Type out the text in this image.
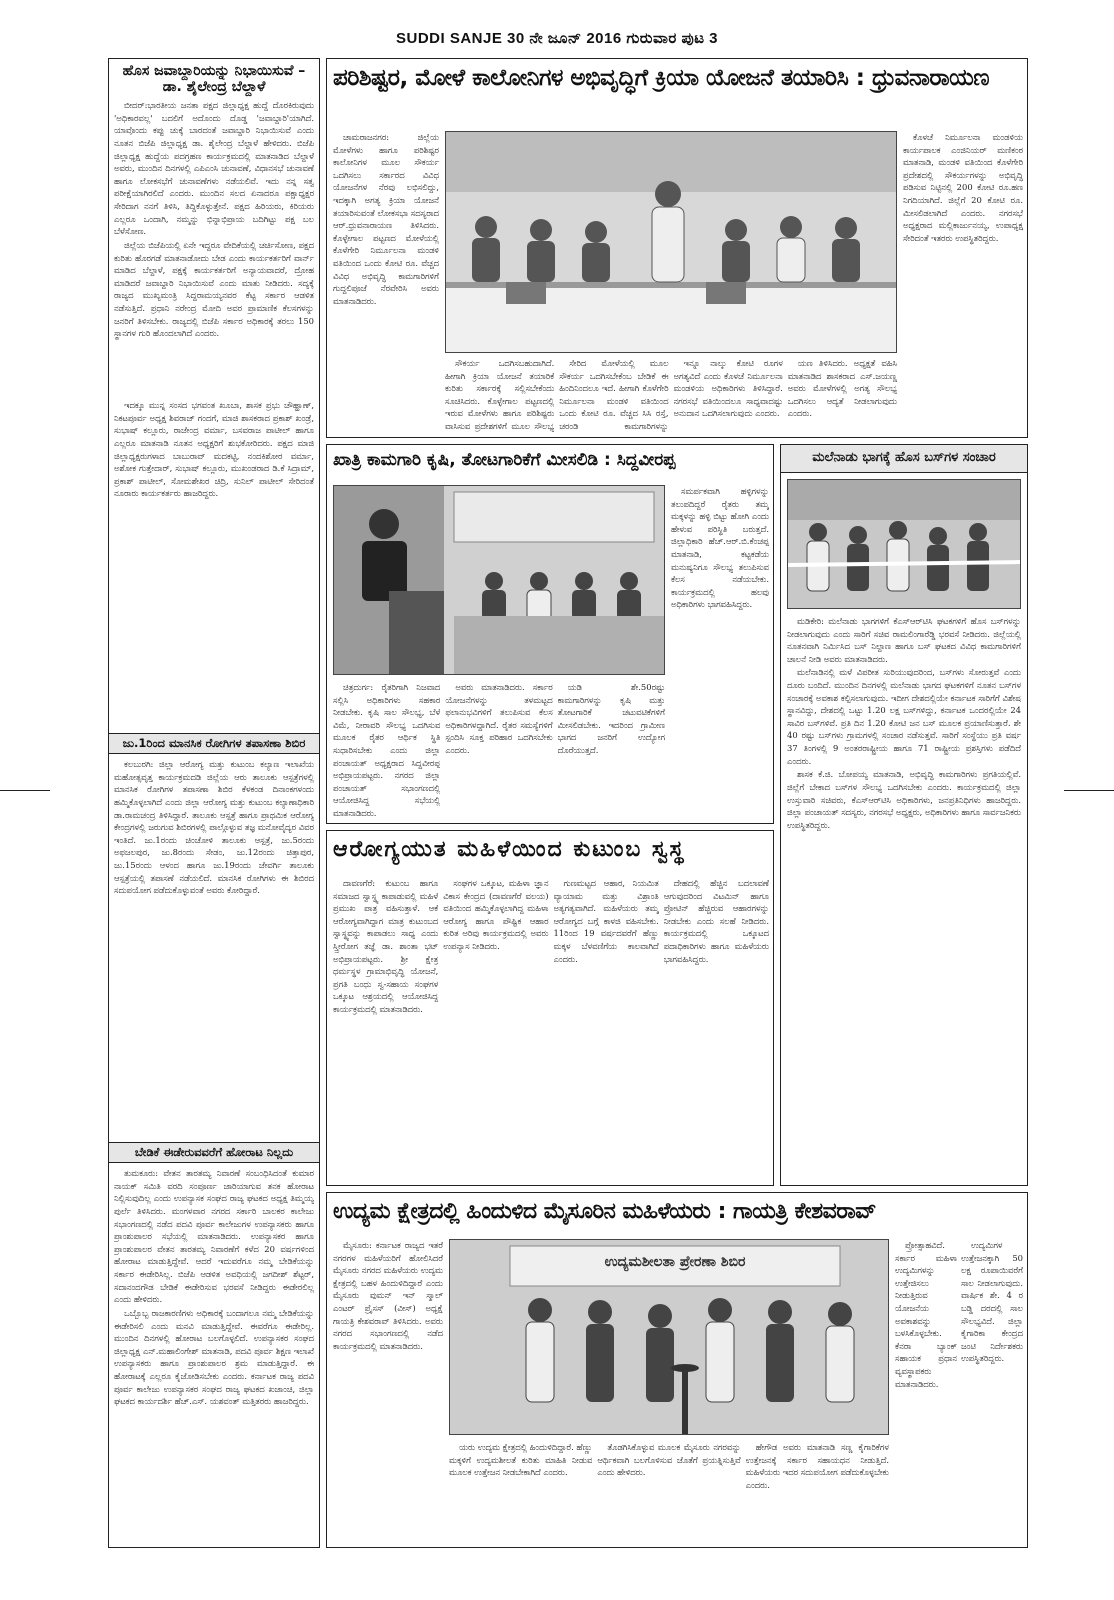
SUDDI SANJE 30 ನೇ ಜೂನ್ 2016 ಗುರುವಾರ ಪುಟ 3
ಹೊಸ ಜವಾಬ್ದಾರಿಯನ್ನು ನಿಭಾಯಿಸುವೆ –ಡಾ. ಶೈಲೇಂದ್ರ ಬೆಲ್ದಾಳೆ

ಬೀದರ್:ಭಾರತೀಯ ಜನತಾ ಪಕ್ಷದ ಜಿಲ್ಲಾಧ್ಯಕ್ಷ ಹುದ್ದೆ ದೊರಕಿರುವುದು 'ಅಧಿಕಾರವಲ್ಲ' ಬದಲಿಗೆ ಅದೊಂದು ದೊಡ್ಡ 'ಜವಾಬ್ದಾರಿ'ಯಾಗಿದೆ. ಯಾವೊಂದು ಕಪ್ಪು ಚುಕ್ಕೆ ಬಾರದಂತೆ ಜವಾಬ್ದಾರಿ ನಿಭಾಯಿಸುವೆ ಎಂದು ನೂತನ ಬಿಜೆಪಿ ಜಿಲ್ಲಾಧ್ಯಕ್ಷ ಡಾ. ಶೈಲೇಂದ್ರ ಬೆಲ್ದಾಳೆ ಹೇಳಿದರು. ಬಿಜೆಪಿ ಜಿಲ್ಲಾಧ್ಯಕ್ಷ ಹುದ್ದೆಯ ಪದಗ್ರಹಣ ಕಾರ್ಯಕ್ರಮದಲ್ಲಿ ಮಾತನಾಡಿದ ಬೆಲ್ದಾಳೆ ಅವರು, ಮುಂದಿನ ದಿನಗಳಲ್ಲಿ ಎಪಿಎಂಸಿ ಚುನಾವಣೆ, ವಿಧಾನಸಭೆ ಚುನಾವಣೆ ಹಾಗೂ ಲೋಕಸಭೆಗೆ ಚುನಾವಣೆಗಳು ನಡೆಯಲಿವೆ. ಇದು ನನ್ನ ಸತ್ವ ಪರೀಕ್ಷೆಯಾಗಿರಲಿದೆ ಎಂದರು. ಮುಂದಿನ ಸಲದ ಏನಾದರೂ ಪಕ್ಷಾಧ್ಯಕ್ಷರ ಸೇರಿದಾಗ ನನಗೆ ತಿಳಿಸಿ, ತಿದ್ದಿಕೊಳ್ಳುತ್ತೇನೆ. ಪಕ್ಷದ ಹಿರಿಯರು, ಕಿರಿಯರು ಎಲ್ಲರೂ ಒಂದಾಗಿ, ನಮ್ಮನ್ನು ಭಿನ್ನಾಭಿಪ್ರಾಯ ಬದಿಗಿಟ್ಟು ಪಕ್ಷ ಬಲ ಬೆಳೆಸೋಣ.

ಜಿಲ್ಲೆಯ ಬಿಜೆಪಿಯಲ್ಲಿ ಏನೇ ಇದ್ದರೂ ವೇದಿಕೆಯಲ್ಲಿ ಚರ್ಚಿಸೋಣ, ಪಕ್ಷದ ಕುರಿತು ಹೊರಗಡೆ ಮಾತನಾಡೋದು ಬೇಡ ಎಂದು ಕಾರ್ಯಕರ್ತರಿಗೆ ವಾರ್ನ್ ಮಾಡಿದ ಬೆಲ್ದಾಳೆ, ಪಕ್ಷಕ್ಕೆ ಕಾರ್ಯಕರ್ತರಿಗೆ ಅನ್ಯಾಯವಾದರೆ, ದ್ರೋಹ ಮಾಡಿದರೆ ಜವಾಬ್ದಾರಿ ನಿಭಾಯಿಸುವೆ ಎಂದು ಮಾತು ನೀಡಿದರು. ಸದ್ಯಕ್ಕೆ ರಾಜ್ಯದ ಮುಖ್ಯಮಂತ್ರಿ ಸಿದ್ದರಾಮಯ್ಯನವರ ಕೆಟ್ಟ ಸರ್ಕಾರ ಆಡಳಿತ ನಡೆಸುತ್ತಿದೆ. ಪ್ರಧಾನಿ ನರೇಂದ್ರ ಮೋದಿ ಅವರ ಪ್ರಾಮಾಣಿಕ ಕೆಲಸಗಳನ್ನು ಜನರಿಗೆ ತಿಳಿಸಬೇಕು. ರಾಜ್ಯದಲ್ಲಿ ಬಿಜೆಪಿ ಸರ್ಕಾರ ಅಧಿಕಾರಕ್ಕೆ ತರಲು 150 ಸ್ಥಾನಗಳ ಗುರಿ ಹೊಂದಲಾಗಿದೆ ಎಂದರು.

ಇದಕ್ಕೂ ಮುನ್ನ ಸಂಸದ ಭಗವಂತ ಖೂಬಾ, ಶಾಸಕ ಪ್ರಭು ಚೌಹ್ಹಾಣ್, ನಿಕಟಪೂರ್ವ ಅಧ್ಯಕ್ಷ ಶಿವರಾಜ್ ಗಂದಗೆ, ಮಾಜಿ ಶಾಸಕರಾದ ಪ್ರಕಾಶ್ ಖಂಡ್ರೆ, ಸುಭಾಷ್ ಕಲ್ಲೂರು, ರಾಜೇಂದ್ರ ವರ್ಮಾ, ಬಸವರಾಜ ಪಾಟೀಲ್ ಹಾಗೂ ಎಲ್ಲರೂ ಮಾತನಾಡಿ ನೂತನ ಅಧ್ಯಕ್ಷರಿಗೆ ಶುಭಕೋರಿದರು. ಪಕ್ಷದ ಮಾಜಿ ಜಿಲ್ಲಾಧ್ಯಕ್ಷರುಗಳಾದ ಬಾಬುರಾವ್ ಮದಕಟ್ಟಿ, ನಂದಕಿಶೋರ ವರ್ಮಾ, ಅಶೋಕ ಗುತ್ತೇದಾರ್, ಸುಭಾಷ್ ಕಲ್ಲೂರು, ಮುಖಂಡರಾದ ಡಿ.ಕೆ ಸಿದ್ರಾಮ್, ಪ್ರಕಾಶ್ ಪಾಟೀಲ್, ಸೋಮಶೇಖರ ಚಿದ್ರಿ, ಸುನಿಲ್ ಪಾಟೀಲ್ ಸೇರಿದಂತೆ ನೂರಾರು ಕಾರ್ಯಕರ್ತರು ಹಾಜರಿದ್ದರು.

ಜು.1ರಿಂದ ಮಾನಸಿಕ ರೋಗಿಗಳ ತಪಾಸಣಾ ಶಿಬಿರ

ಕಲಬುರಗಿ: ಜಿಲ್ಲಾ ಆರೋಗ್ಯ ಮತ್ತು ಕುಟುಂಬ ಕಲ್ಯಾಣ ಇಲಾಖೆಯ ಮಹೋತ್ಸವೃತ್ತ ಕಾರ್ಯಕ್ರಮದಡಿ ಜಿಲ್ಲೆಯ ಆರು ತಾಲೂಕು ಆಸ್ಪತ್ರೆಗಳಲ್ಲಿ ಮಾನಸಿಕ ರೋಗಿಗಳ ತಪಾಸಣಾ ಶಿಬಿರ ಕೆಳಕಂಡ ದಿನಾಂಕಗಳಂದು ಹಮ್ಮಿಕೊಳ್ಳಲಾಗಿದೆ ಎಂದು ಜಿಲ್ಲಾ ಆರೋಗ್ಯ ಮತ್ತು ಕುಟುಂಬ ಕಲ್ಯಾಣಾಧಿಕಾರಿ ಡಾ.ರಾಮಚಂದ್ರ ತಿಳಿಸಿದ್ದಾರೆ. ತಾಲೂಕು ಆಸ್ಪತ್ರೆ ಹಾಗೂ ಪ್ರಾಥಮಿಕ ಆರೋಗ್ಯ ಕೇಂದ್ರಗಳಲ್ಲಿ ಜರುಗುವ ಶಿಬಿರಗಳಲ್ಲಿ ಪಾಲ್ಗೊಳ್ಳುವ ತಜ್ಞ ಮನೋವೈದ್ಯರ ವಿವರ ಇಂತಿದೆ. ಜು.1ರಂದು ಚಿಂಚೋಳಿ ತಾಲೂಕು ಆಸ್ಪತ್ರೆ, ಜು.5ರಂದು ಅಫಜಲಪುರ, ಜು.8ರಂದು ಸೇಡಂ, ಜು.12ರಂದು ಚಿತ್ತಾಪುರ, ಜು.15ರಂದು ಆಳಂದ ಹಾಗೂ ಜು.19ರಂದು ಜೇವರ್ಗಿ ತಾಲೂಕು ಆಸ್ಪತ್ರೆಯಲ್ಲಿ ತಪಾಸಣೆ ನಡೆಯಲಿದೆ. ಮಾನಸಿಕ ರೋಗಿಗಳು ಈ ಶಿಬಿರದ ಸದುಪಯೋಗ ಪಡೆದುಕೊಳ್ಳುವಂತೆ ಅವರು ಕೋರಿದ್ದಾರೆ.

ಬೇಡಿಕೆ ಈಡೇರುವವರೆಗೆ ಹೋರಾಟ ನಿಲ್ಲದು

ತುಮಕೂರು: ವೇತನ ತಾರತಮ್ಯ ನಿವಾರಣೆ ಸಂಬಂಧಿಸಿದಂತೆ ಕುಮಾರ ನಾಯಕ್ ಸಮಿತಿ ವರದಿ ಸಂಪೂರ್ಣ ಜಾರಿಯಾಗುವ ತನಕ ಹೋರಾಟ ನಿಲ್ಲಿಸುವುದಿಲ್ಲ ಎಂದು ಉಪನ್ಯಾಸಕ ಸಂಘದ ರಾಜ್ಯ ಘಟಕದ ಅಧ್ಯಕ್ಷ ತಿಮ್ಮಯ್ಯ ಪುರ್ಲೆ ತಿಳಿಸಿದರು. ಮಂಗಳವಾರ ನಗರದ ಸರ್ಕಾರಿ ಬಾಲಕರ ಕಾಲೇಜು ಸಭಾಂಗಣದಲ್ಲಿ ನಡೆದ ಪದವಿ ಪೂರ್ವ ಕಾಲೇಜುಗಳ ಉಪನ್ಯಾಸಕರು ಹಾಗೂ ಪ್ರಾಂಶುಪಾಲರ ಸಭೆಯಲ್ಲಿ ಮಾತನಾಡಿದರು. ಉಪನ್ಯಾಸಕರ ಹಾಗೂ ಪ್ರಾಂಶುಪಾಲರ ವೇತನ ತಾರತಮ್ಯ ನಿವಾರಣೆಗೆ ಕಳೆದ 20 ವರ್ಷಗಳಿಂದ ಹೋರಾಟ ಮಾಡುತ್ತಿದ್ದೇವೆ. ಆದರೆ ಇದುವರೆಗೂ ನಮ್ಮ ಬೇಡಿಕೆಯನ್ನು ಸರ್ಕಾರ ಈಡೇರಿಸಿಲ್ಲ. ಬಿಜೆಪಿ ಆಡಳಿತ ಅವಧಿಯಲ್ಲಿ ಜಗದೀಶ್ ಶೆಟ್ಟರ್, ಸದಾನಂದಗೌಡ ಬೇಡಿಕೆ ಈಡೇರಿಸುವ ಭರವಸೆ ನೀಡಿದ್ದರು ಈಡೇರಲಿಲ್ಲ ಎಂದು ಹೇಳಿದರು.

ಒಬ್ಬೊಬ್ಬ ರಾಜಕಾರಣಿಗಳು ಅಧಿಕಾರಕ್ಕೆ ಬಂದಾಗಲೂ ನಮ್ಮ ಬೇಡಿಕೆಯನ್ನು ಈಡೇರಿಸಲಿ ಎಂದು ಮನವಿ ಮಾಡುತ್ತಿದ್ದೇವೆ. ಈವರೆಗೂ ಈಡೇರಿಲ್ಲ. ಮುಂದಿನ ದಿನಗಳಲ್ಲಿ ಹೋರಾಟ ಬಲಗೊಳ್ಳಲಿದೆ. ಉಪನ್ಯಾಸಕರ ಸಂಘದ ಜಿಲ್ಲಾಧ್ಯಕ್ಷ ಎನ್.ಮಹಾಲಿಂಗೇಶ್ ಮಾತನಾಡಿ, ಪದವಿ ಪೂರ್ವ ಶಿಕ್ಷಣ ಇಲಾಖೆ ಉಪನ್ಯಾಸಕರು ಹಾಗೂ ಪ್ರಾಂಶುಪಾಲರ ಶ್ರಮ ಮಾಡುತ್ತಿದ್ದಾರೆ. ಈ ಹೋರಾಟಕ್ಕೆ ಎಲ್ಲರೂ ಕೈಜೋಡಿಸಬೇಕು ಎಂದರು. ಕರ್ನಾಟಕ ರಾಜ್ಯ ಪದವಿ ಪೂರ್ವ ಕಾಲೇಜು ಉಪನ್ಯಾಸಕರ ಸಂಘದ ರಾಜ್ಯ ಘಟಕದ ಖಜಾಂಚಿ, ಜಿಲ್ಲಾ ಘಟಕದ ಕಾರ್ಯದರ್ಶಿ ಹೆಚ್.ಎಸ್. ಯಶವಂತ್ ಮತ್ತಿತರರು ಹಾಜರಿದ್ದರು.

ಪರಿಶಿಷ್ಟರ, ಮೋಳೆ ಕಾಲೋನಿಗಳ ಅಭಿವೃದ್ಧಿಗೆ ಕ್ರಿಯಾ ಯೋಜನೆ ತಯಾರಿಸಿ : ಧ್ರುವನಾರಾಯಣ

ಚಾಮರಾಜನಗರ: ಜಿಲ್ಲೆಯ ಮೋಳೆಗಳು ಹಾಗೂ ಪರಿಶಿಷ್ಟರ ಕಾಲೋನಿಗಳ ಮೂಲ ಸೌಕರ್ಯ ಒದಗಿಸಲು ಸರ್ಕಾರದ ವಿವಿಧ ಯೋಜನೆಗಳ ನೆರವು ಲಭಿಸಲಿದ್ದು, ಇದಕ್ಕಾಗಿ ಅಗತ್ಯ ಕ್ರಿಯಾ ಯೋಜನೆ ತಯಾರಿಸುವಂತೆ ಲೋಕಸಭಾ ಸದಸ್ಯರಾದ ಆರ್.ಧ್ರುವನಾರಾಯಣ ತಿಳಿಸಿದರು. ಕೊಳ್ಳೇಗಾಲ ಪಟ್ಟಣದ ಮೋಳೆಯಲ್ಲಿ ಕೊಳೆಗೇರಿ ನಿರ್ಮೂಲನಾ ಮಂಡಳಿ ವತಿಯಿಂದ ಒಂದು ಕೋಟಿ ರೂ. ವೆಚ್ಚದ ವಿವಿಧ ಅಭಿವೃದ್ಧಿ ಕಾಮಗಾರಿಗಳಿಗೆ ಗುದ್ದಲಿಪೂಜೆ ನೆರವೇರಿಸಿ ಅವರು ಮಾತನಾಡಿದರು.

ಕೊಳಚೆ ನಿರ್ಮೂಲನಾ ಮಂಡಳಿಯ ಕಾರ್ಯಪಾಲಕ ಎಂಜಿನಿಯರ್ ಮಣಿಕಂಠ ಮಾತನಾಡಿ, ಮಂಡಳಿ ವತಿಯಿಂದ ಕೊಳೆಗೇರಿ ಪ್ರದೇಶದಲ್ಲಿ ಸೌಕರ್ಯಗಳನ್ನು ಅಭಿವೃದ್ಧಿ ಪಡಿಸುವ ನಿಟ್ಟಿನಲ್ಲಿ 200 ಕೋಟಿ ರೂ.ಹಣ ನಿಗದಿಯಾಗಿದೆ. ಜಿಲ್ಲೆಗೆ 20 ಕೋಟಿ ರೂ. ಮೀಸಲಿಡಲಾಗಿದೆ ಎಂದರು. ನಗರಸಭೆ ಅಧ್ಯಕ್ಷರಾದ ಮಲ್ಲಿಕಾರ್ಜುನಯ್ಯ, ಉಪಾಧ್ಯಕ್ಷ ಸೇರಿದಂತೆ ಇತರರು ಉಪಸ್ಥಿತರಿದ್ದರು.

ಸೌಕರ್ಯ ಒದಗಿಸಬಹುದಾಗಿದೆ. ಹೀಗಾಗಿ ಕ್ರಿಯಾ ಯೋಜನೆ ತಯಾರಿಕೆ ಕುರಿತು ಸರ್ಕಾರಕ್ಕೆ ಸಲ್ಲಿಸಬೇಕೆಂದು ಸೂಚಿಸಿದರು. ಕೊಳ್ಳೇಗಾಲ ಪಟ್ಟಣದಲ್ಲಿ ಇರುವ ಮೋಳೆಗಳು ಹಾಗೂ ಪರಿಶಿಷ್ಟರು ವಾಸಿಸುವ ಪ್ರದೇಶಗಳಿಗೆ ಮೂಲ ಸೌಲಭ್ಯ

ಸೇರಿದ ಮೋಳೆಯಲ್ಲಿ ಮೂಲ ಸೌಕರ್ಯ ಒದಗಿಸಬೇಕೆಂಬ ಬೇಡಿಕೆ ಈ ಹಿಂದಿನಿಂದಲೂ ಇದೆ. ಹೀಗಾಗಿ ಕೊಳೆಗೇರಿ ನಿರ್ಮೂಲನಾ ಮಂಡಳಿ ವತಿಯಿಂದ ಒಂದು ಕೋಟಿ ರೂ. ವೆಚ್ಚದ ಸಿಸಿ ರಸ್ತೆ, ಚರಂಡಿ ಕಾಮಗಾರಿಗಳನ್ನು

ಇನ್ನೂ ನಾಲ್ಕು ಕೋಟಿ ರೂಗಳ ಅಗತ್ಯವಿದೆ ಎಂದು ಕೊಳಚೆ ನಿರ್ಮೂಲನಾ ಮಂಡಳಿಯ ಅಧಿಕಾರಿಗಳು ತಿಳಿಸಿದ್ದಾರೆ. ನಗರಸಭೆ ವತಿಯಿಂದಲೂ ಸಾಧ್ಯವಾದಷ್ಟು ಅನುದಾನ ಒದಗಿಸಲಾಗುವುದು ಎಂದರು.

ಯಣ ತಿಳಿಸಿದರು. ಅಧ್ಯಕ್ಷತೆ ವಹಿಸಿ ಮಾತನಾಡಿದ ಶಾಸಕರಾದ ಎಸ್.ಜಯಣ್ಣ ಅವರು ಮೋಳೆಗಳಲ್ಲಿ ಅಗತ್ಯ ಸೌಲಭ್ಯ ಒದಗಿಸಲು ಆದ್ಯತೆ ನೀಡಲಾಗುವುದು ಎಂದರು.

ಖಾತ್ರಿ ಕಾಮಗಾರಿ ಕೃಷಿ, ತೋಟಗಾರಿಕೆಗೆ ಮೀಸಲಿಡಿ : ಸಿದ್ದವೀರಪ್ಪ

ಸಮರ್ಪಕವಾಗಿ ಹಳ್ಳಿಗಳನ್ನು ತಲುಪದಿದ್ದರೆ ರೈತರು ತಮ್ಮ ಮಕ್ಕಳನ್ನು ಹಳ್ಳಿ ಬಿಟ್ಟು ಹೋಗಿ ಎಂದು ಹೇಳುವ ಪರಿಸ್ಥಿತಿ ಬರುತ್ತದೆ. ಜಿಲ್ಲಾಧಿಕಾರಿ ಹೆಚ್.ಆರ್.ಬಿ.ಕೆಂಚಪ್ಪ ಮಾತನಾಡಿ, ಕಟ್ಟಕಡೆಯ ಮನುಷ್ಯನಿಗೂ ಸೌಲಭ್ಯ ತಲುಪಿಸುವ ಕೆಲಸ ನಡೆಯಬೇಕು. ಕಾರ್ಯಕ್ರಮದಲ್ಲಿ ಹಲವು ಅಧಿಕಾರಿಗಳು ಭಾಗವಹಿಸಿದ್ದರು.

ಚಿತ್ರದುರ್ಗ: ರೈತರಿಗಾಗಿ ನಿಜವಾದ ಸಲ್ಲಿಸಿ ಅಧಿಕಾರಿಗಳು ಸಹಕಾರ ನೀಡಬೇಕು. ಕೃಷಿ ಸಾಲ ಸೌಲಭ್ಯ, ಬೆಳೆ ವಿಮೆ, ನೀರಾವರಿ ಸೌಲಭ್ಯ ಒದಗಿಸುವ ಮೂಲಕ ರೈತರ ಆರ್ಥಿಕ ಸ್ಥಿತಿ ಸುಧಾರಿಸಬೇಕು ಎಂದು ಜಿಲ್ಲಾ ಪಂಚಾಯತ್ ಅಧ್ಯಕ್ಷರಾದ ಸಿದ್ದವೀರಪ್ಪ ಅಭಿಪ್ರಾಯಪಟ್ಟರು. ನಗರದ ಜಿಲ್ಲಾ ಪಂಚಾಯತ್ ಸಭಾಂಗಣದಲ್ಲಿ ಆಯೋಜಿಸಿದ್ದ ಸಭೆಯಲ್ಲಿ ಮಾತನಾಡಿದರು.

ಅವರು ಮಾತನಾಡಿದರು. ಸರ್ಕಾರ ಯೋಜನೆಗಳನ್ನು ತಳಮಟ್ಟದ ಫಲಾನುಭವಿಗಳಿಗೆ ತಲುಪಿಸುವ ಕೆಲಸ ಅಧಿಕಾರಿಗಳದ್ದಾಗಿದೆ. ರೈತರ ಸಮಸ್ಯೆಗಳಿಗೆ ಸ್ಪಂದಿಸಿ ಸೂಕ್ತ ಪರಿಹಾರ ಒದಗಿಸಬೇಕು ಎಂದರು.

ಯಡಿ ಶೇ.50ರಷ್ಟು ಕಾಮಗಾರಿಗಳನ್ನು ಕೃಷಿ ಮತ್ತು ತೋಟಗಾರಿಕೆ ಚಟುವಟಿಕೆಗಳಿಗೆ ಮೀಸಲಿಡಬೇಕು. ಇದರಿಂದ ಗ್ರಾಮೀಣ ಭಾಗದ ಜನರಿಗೆ ಉದ್ಯೋಗ ದೊರೆಯುತ್ತದೆ.

ಮಲೆನಾಡು ಭಾಗಕ್ಕೆ ಹೊಸ ಬಸ್‌ಗಳ ಸಂಚಾರ

ಮಡಿಕೇರಿ: ಮಲೆನಾಡು ಭಾಗಗಳಿಗೆ ಕೆಎಸ್ಆರ್‌ಟಿಸಿ ಘಟಕಗಳಿಗೆ ಹೊಸ ಬಸ್‌ಗಳನ್ನು ನೀಡಲಾಗುವುದು ಎಂದು ಸಾರಿಗೆ ಸಚಿವ ರಾಮಲಿಂಗಾರೆಡ್ಡಿ ಭರವಸೆ ನೀಡಿದರು. ಜಿಲ್ಲೆಯಲ್ಲಿ ನೂತನವಾಗಿ ನಿರ್ಮಿಸಿದ ಬಸ್ ನಿಲ್ದಾಣ ಹಾಗೂ ಬಸ್ ಘಟಕದ ವಿವಿಧ ಕಾಮಗಾರಿಗಳಿಗೆ ಚಾಲನೆ ನೀಡಿ ಅವರು ಮಾತನಾಡಿದರು.

ಮಲೆನಾಡಿನಲ್ಲಿ ಮಳೆ ವಿಪರೀತ ಸುರಿಯುವುದರಿಂದ, ಬಸ್‌ಗಳು ಸೋರುತ್ತವೆ ಎಂದು ದೂರು ಬಂದಿದೆ. ಮುಂದಿನ ದಿನಗಳಲ್ಲಿ ಮಲೆನಾಡು ಭಾಗದ ಘಟಕಗಳಿಗೆ ನೂತನ ಬಸ್‌ಗಳ ಸಂಚಾರಕ್ಕೆ ಅವಕಾಶ ಕಲ್ಪಿಸಲಾಗುವುದು. ಇದೀಗ ದೇಶದಲ್ಲಿಯೇ ಕರ್ನಾಟಕ ಸಾರಿಗೆಗೆ ವಿಶೇಷ ಸ್ಥಾನವಿದ್ದು, ದೇಶದಲ್ಲಿ ಒಟ್ಟು 1.20 ಲಕ್ಷ ಬಸ್‌ಗಳಿದ್ದು, ಕರ್ನಾಟಕ ಒಂದರಲ್ಲಿಯೇ 24 ಸಾವಿರ ಬಸ್‌ಗಳಿವೆ. ಪ್ರತಿ ದಿನ 1.20 ಕೋಟಿ ಜನ ಬಸ್ ಮೂಲಕ ಪ್ರಯಾಣಿಸುತ್ತಾರೆ. ಶೇ 40 ರಷ್ಟು ಬಸ್‌ಗಳು ಗ್ರಾಮಗಳಲ್ಲಿ ಸಂಚಾರ ನಡೆಸುತ್ತವೆ. ಸಾರಿಗೆ ಸಂಸ್ಥೆಯು ಪ್ರತಿ ವರ್ಷ 37 ತಿಂಗಳಲ್ಲಿ 9 ಅಂತರರಾಷ್ಟ್ರೀಯ ಹಾಗೂ 71 ರಾಷ್ಟ್ರೀಯ ಪ್ರಶಸ್ತಿಗಳು ಪಡೆದಿದೆ ಎಂದರು.

ಶಾಸಕ ಕೆ.ಜಿ. ಬೋಪಯ್ಯ ಮಾತನಾಡಿ, ಅಭಿವೃದ್ಧಿ ಕಾಮಗಾರಿಗಳು ಪ್ರಗತಿಯಲ್ಲಿವೆ. ಜಿಲ್ಲೆಗೆ ಬೇಕಾದ ಬಸ್‌ಗಳ ಸೌಲಭ್ಯ ಒದಗಿಸಬೇಕು ಎಂದರು. ಕಾರ್ಯಕ್ರಮದಲ್ಲಿ ಜಿಲ್ಲಾ ಉಸ್ತುವಾರಿ ಸಚಿವರು, ಕೆಎಸ್ಆರ್‌ಟಿಸಿ ಅಧಿಕಾರಿಗಳು, ಜನಪ್ರತಿನಿಧಿಗಳು ಹಾಜರಿದ್ದರು. ಜಿಲ್ಲಾ ಪಂಚಾಯತ್ ಸದಸ್ಯರು, ನಗರಸಭೆ ಅಧ್ಯಕ್ಷರು, ಅಧಿಕಾರಿಗಳು ಹಾಗೂ ಸಾರ್ವಜನಿಕರು ಉಪಸ್ಥಿತರಿದ್ದರು.

ಆರೋಗ್ಯಯುತ ಮಹಿಳೆಯಿಂದ ಕುಟುಂಬ ಸ್ವಸ್ಥ

ದಾವಣಗೆರೆ: ಕುಟುಂಬ ಹಾಗೂ ಸಮಾಜದ ಸ್ವಾಸ್ಥ್ಯ ಕಾಪಾಡುವಲ್ಲಿ ಮಹಿಳೆ ಪ್ರಮುಖ ಪಾತ್ರ ವಹಿಸುತ್ತಾಳೆ. ಆಕೆ ಆರೋಗ್ಯವಾಗಿದ್ದಾಗ ಮಾತ್ರ ಕುಟುಂಬದ ಸ್ವಾಸ್ಥ್ಯವನ್ನು ಕಾಪಾಡಲು ಸಾಧ್ಯ ಎಂದು ಸ್ತ್ರೀರೋಗ ತಜ್ಞೆ ಡಾ. ಶಾಂತಾ ಭಟ್ ಅಭಿಪ್ರಾಯಪಟ್ಟರು. ಶ್ರೀ ಕ್ಷೇತ್ರ ಧರ್ಮಸ್ಥಳ ಗ್ರಾಮಾಭಿವೃದ್ಧಿ ಯೋಜನೆ, ಪ್ರಗತಿ ಬಂಧು ಸ್ವ-ಸಹಾಯ ಸಂಘಗಳ ಒಕ್ಕೂಟ ಆಶ್ರಯದಲ್ಲಿ ಆಯೋಜಿಸಿದ್ದ ಕಾರ್ಯಕ್ರಮದಲ್ಲಿ ಮಾತನಾಡಿದರು.

ಸಂಘಗಳ ಒಕ್ಕೂಟ, ಮಹಿಳಾ ಜ್ಞಾನ ವಿಕಾಸ ಕೇಂದ್ರದ (ದಾವಣಗೆರೆ ವಲಯ) ವತಿಯಿಂದ ಹಮ್ಮಿಕೊಳ್ಳಲಾಗಿದ್ದ ಮಹಿಳಾ ಆರೋಗ್ಯ ಹಾಗೂ ಪೌಷ್ಟಿಕ ಆಹಾರ ಕುರಿತ ಅರಿವು ಕಾರ್ಯಕ್ರಮದಲ್ಲಿ ಅವರು ಉಪನ್ಯಾಸ ನೀಡಿದರು.

ಗುಣಮಟ್ಟದ ಆಹಾರ, ನಿಯಮಿತ ವ್ಯಾಯಾಮ ಮತ್ತು ವಿಶ್ರಾಂತಿ ಅತ್ಯಗತ್ಯವಾಗಿದೆ. ಮಹಿಳೆಯರು ತಮ್ಮ ಆರೋಗ್ಯದ ಬಗ್ಗೆ ಕಾಳಜಿ ವಹಿಸಬೇಕು. 11ರಿಂದ 19 ವರ್ಷದವರೆಗೆ ಹೆಣ್ಣು ಮಕ್ಕಳ ಬೆಳವಣಿಗೆಯ ಕಾಲವಾಗಿದೆ ಎಂದರು.

ದೇಹದಲ್ಲಿ ಹೆಚ್ಚಿನ ಬದಲಾವಣೆ ಆಗುವುದರಿಂದ ವಿಟಮಿನ್ ಹಾಗೂ ಪ್ರೋಟಿನ್ ಹೆಚ್ಚಿರುವ ಆಹಾರಗಳನ್ನು ನೀಡಬೇಕು ಎಂದು ಸಲಹೆ ನೀಡಿದರು. ಕಾರ್ಯಕ್ರಮದಲ್ಲಿ ಒಕ್ಕೂಟದ ಪದಾಧಿಕಾರಿಗಳು ಹಾಗೂ ಮಹಿಳೆಯರು ಭಾಗವಹಿಸಿದ್ದರು.

ಉದ್ಯಮ ಕ್ಷೇತ್ರದಲ್ಲಿ ಹಿಂದುಳಿದ ಮೈಸೂರಿನ ಮಹಿಳೆಯರು : ಗಾಯತ್ರಿ ಕೇಶವರಾವ್

ಮೈಸೂರು: ಕರ್ನಾಟಕ ರಾಜ್ಯದ ಇತರೆ ನಗರಗಳ ಮಹಿಳೆಯರಿಗೆ ಹೋಲಿಸಿದರೆ ಮೈಸೂರು ನಗರದ ಮಹಿಳೆಯರು ಉದ್ಯಮ ಕ್ಷೇತ್ರದಲ್ಲಿ ಬಹಳ ಹಿಂದುಳಿದಿದ್ದಾರೆ ಎಂದು ಮೈಸೂರು ವುಮನ್ ಇನ್ ಸ್ಮಾಲ್ ಎಂಟರ್ ಪ್ರೈಸಸ್ (ವೀಸ್) ಅಧ್ಯಕ್ಷೆ ಗಾಯತ್ರಿ ಕೇಶವರಾವ್ ತಿಳಿಸಿದರು. ಅವರು ನಗರದ ಸಭಾಂಗಣದಲ್ಲಿ ನಡೆದ ಕಾರ್ಯಕ್ರಮದಲ್ಲಿ ಮಾತನಾಡಿದರು.

ಉದ್ಯಮಶೀಲತಾ ಪ್ರೇರಣಾ ಶಿಬಿರ

ಪ್ರೋತ್ಸಾಹವಿದೆ. ಸರ್ಕಾರ ಮಹಿಳಾ ಉದ್ಯಮಿಗಳನ್ನು ಉತ್ತೇಜಿಸಲು ನೀಡುತ್ತಿರುವ ಯೋಜನೆಯ ಅವಕಾಶವನ್ನು ಬಳಸಿಕೊಳ್ಳಬೇಕು. ಕೆನರಾ ಬ್ಯಾಂಕ್ ಸಹಾಯಕ ಪ್ರಧಾನ ವ್ಯವಸ್ಥಾಪಕರು ಮಾತನಾಡಿದರು.

ಉದ್ಯಮಿಗಳ ಉತ್ತೇಜನಕ್ಕಾಗಿ 50 ಲಕ್ಷ ರೂಪಾಯಿವರೆಗೆ ಸಾಲ ನೀಡಲಾಗುವುದು. ವಾರ್ಷಿಕ ಶೇ. 4 ರ ಬಡ್ಡಿ ದರದಲ್ಲಿ ಸಾಲ ಸೌಲಭ್ಯವಿದೆ. ಜಿಲ್ಲಾ ಕೈಗಾರಿಕಾ ಕೇಂದ್ರದ ಜಂಟಿ ನಿರ್ದೇಶಕರು ಉಪಸ್ಥಿತರಿದ್ದರು.

ಯರು ಉದ್ಯಮ ಕ್ಷೇತ್ರದಲ್ಲಿ ಹಿಂದುಳಿದಿದ್ದಾರೆ. ಹೆಣ್ಣು ಮಕ್ಕಳಿಗೆ ಉದ್ಯಮಶೀಲತೆ ಕುರಿತು ಮಾಹಿತಿ ನೀಡುವ ಮೂಲಕ ಉತ್ತೇಜನ ನೀಡಬೇಕಾಗಿದೆ ಎಂದರು.

ತೊಡಗಿಸಿಕೊಳ್ಳುವ ಮೂಲಕ ಮೈಸೂರು ನಗರವನ್ನು ಆರ್ಥಿಕವಾಗಿ ಬಲಗೊಳಿಸುವ ಜೊತೆಗೆ ಪ್ರಯತ್ನಿಸುತ್ತಿವೆ ಎಂದು ಹೇಳಿದರು.

ಹೇಗೌಡ ಅವರು ಮಾತನಾಡಿ ಸಣ್ಣ ಕೈಗಾರಿಕೆಗಳ ಉತ್ತೇಜನಕ್ಕೆ ಸರ್ಕಾರ ಸಹಾಯಧನ ನೀಡುತ್ತಿದೆ. ಮಹಿಳೆಯರು ಇದರ ಸದುಪಯೋಗ ಪಡೆದುಕೊಳ್ಳಬೇಕು ಎಂದರು.
